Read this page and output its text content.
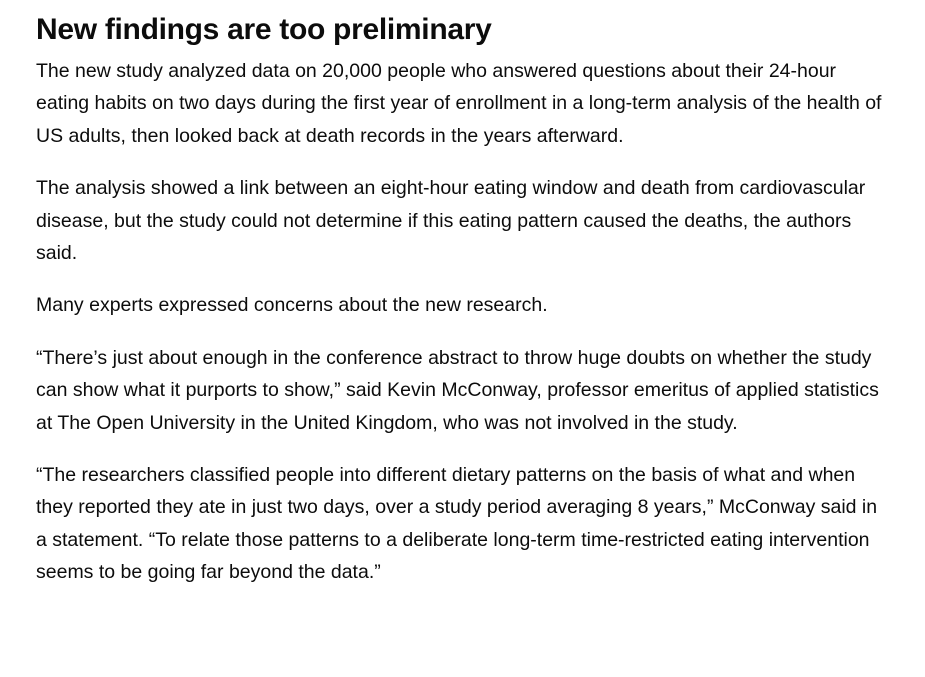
New findings are too preliminary

The new study analyzed data on 20,000 people who answered questions about their 24-hour eating habits on two days during the first year of enrollment in a long-term analysis of the health of US adults, then looked back at death records in the years afterward.

The analysis showed a link between an eight-hour eating window and death from cardiovascular disease, but the study could not determine if this eating pattern caused the deaths, the authors said.

Many experts expressed concerns about the new research.

“There’s just about enough in the conference abstract to throw huge doubts on whether the study can show what it purports to show,” said Kevin McConway, professor emeritus of applied statistics at The Open University in the United Kingdom, who was not involved in the study.

“The researchers classified people into different dietary patterns on the basis of what and when they reported they ate in just two days, over a study period averaging 8 years,” McConway said in a statement. “To relate those patterns to a deliberate long-term time-restricted eating intervention seems to be going far beyond the data.”
